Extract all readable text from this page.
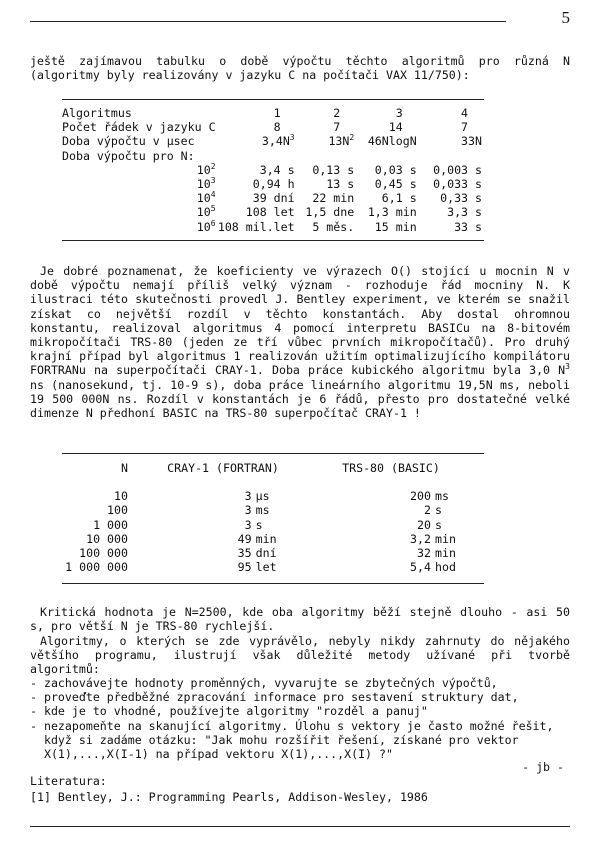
5
ještě zajímavou tabulku o době výpočtu těchto algoritmů pro různá N (algoritmy byly realizovány v jazyku C na počítači VAX 11/750):
Algoritmus	1	2	3	4
Počet řádek v jazyku C	8	7	14	7
Doba výpočtu v µsec	$3,4N^3$	$13N^2$	46NlogN	33N
Doba výpočtu pro N:				
$10^2$	3,4 s	0,13 s	0,03 s	0,003 s
$10^3$	0,94 h	13 s	0,45 s	0,033 s
$10^4$	39 dní	22 min	6,1 s	0,33 s
$10^5$	108 let	1,5 dne	1,3 min	3,3 s
$10^6$	108 mil.let	5 měs.	15 min	33 s
Je dobré poznamenat, že koeficienty ve výrazech O() stojící u mocnin N v době výpočtu nemají příliš velký význam - rozhoduje řád mocniny N. K ilustraci této skutečnosti provedl J. Bentley experiment, ve kterém se snažil získat co největší rozdíl v těchto konstantách. Aby dostal ohromnou konstantu, realizoval algoritmus 4 pomocí interpretu BASICu na 8-bitovém mikropočítači TRS-80 (jeden ze tří vůbec prvních mikropočítačů). Pro druhý krajní případ byl algoritmus 1 realizován užitím optimalizujícího kompilátoru FORTRANu na superpočítači CRAY-1. Doba práce kubického algoritmu byla 3,0 $N^3$ ns (nanosekund, tj. 10-9 s), doba práce lineárního algoritmu 19,5N ms, neboli 19 500 000N ns. Rozdíl v konstantách je 6 řádů, přesto pro dostatečné velké dimenze N předhoní BASIC na TRS-80 superpočítač CRAY-1 !
N	CRAY-1 (FORTRAN)		TRS-80 (BASIC)	

10	3	µs	200	ms
100	3	ms	2	s
1 000	3	s	20	s
10 000	49	min	3,2	min
100 000	35	dní	32	min
1 000 000	95	let	5,4	hod
Kritická hodnota je N=2500, kde oba algoritmy běží stejně dlouho - asi 50 s, pro větší N je TRS-80 rychlejší.
Algoritmy, o kterých se zde vyprávělo, nebyly nikdy zahrnuty do nějakého většího programu, ilustrují však důležité metody užívané při tvorbě algoritmů:
- zachovávejte hodnoty proměnných, vyvarujte se zbytečných výpočtů,
- proveďte předběžné zpracování informace pro sestavení struktury dat,
- kde je to vhodné, používejte algoritmy "rozděl a panuj"
- nezapomeňte na skanující algoritmy. Úlohu s vektory je často možné řešit,
když si zadáme otázku: "Jak mohu rozšířit řešení, získané pro vektor
X(1),...,X(I-1) na případ vektoru X(1),...,X(I) ?"
- jb -
Literatura:
[1] Bentley, J.: Programming Pearls, Addison-Wesley, 1986
